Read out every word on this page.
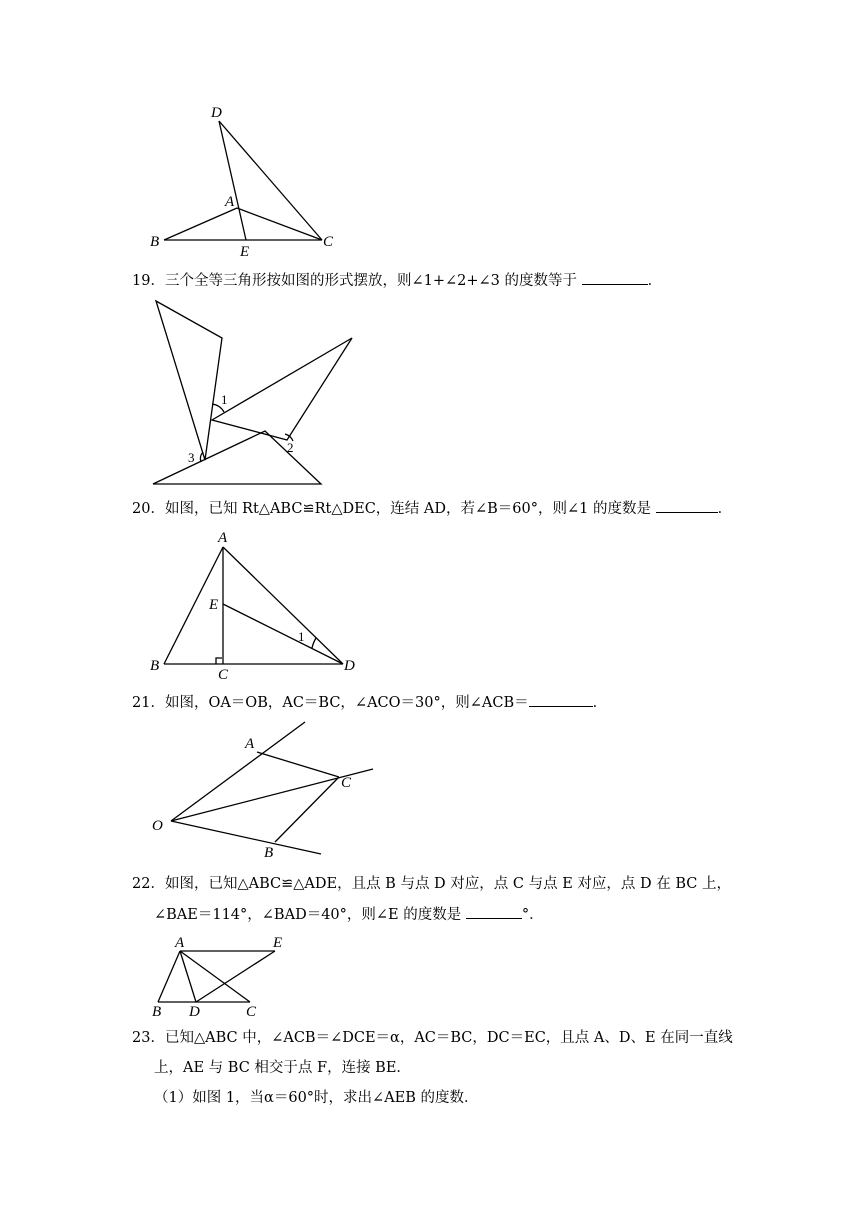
D
A
B
E
C
1
2
3
A
E
B
C
D
1
A
C
O
B
A	E
B D	C
19．三个全等三角形按如图的形式摆放，则∠1+∠2+∠3 的度数等于	．
20．如图，已知 Rt△ABC≌Rt△DEC，连结 AD，若∠B＝60°，则∠1 的度数是	．
21．如图，OA＝OB，AC＝BC，∠ACO＝30°，则∠ACB＝	．
22．如图，已知△ABC≌△ADE，且点 B 与点 D 对应，点 C 与点 E 对应，点 D 在 BC 上，
∠BAE＝114°，∠BAD＝40°，则∠E 的度数是	°．
23．已知△ABC 中，∠ACB＝∠DCE＝α，AC＝BC，DC＝EC，且点 A、D、E 在同一直线
上，AE 与 BC 相交于点 F，连接 BE．
（1）如图 1，当α＝60°时，求出∠AEB 的度数．
